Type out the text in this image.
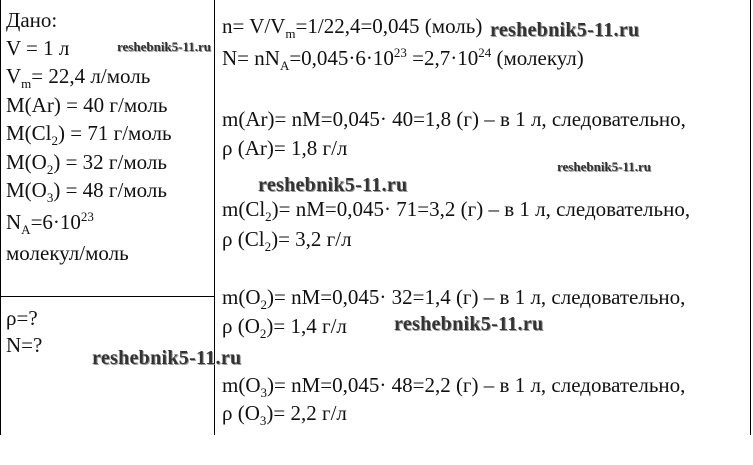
Дано:
V = 1 л
$V_m= 22,4$ л/моль
M(Ar) = 40 г/моль
$M(Cl_2) = 71$ г/моль
$M(O_2) = 32$ г/моль
$M(O_3) = 48$ г/моль
$N_A=6\cdot 10^{23}$
молекул/моль
ρ=?
N=?
$n= V/V_m=1/22,4=0,045$ (моль)
$N= nN_A=0,045\cdot 6\cdot 10^{23} =2,7\cdot 10^{24}$ (молекул)
m(Ar)= nM=0,045· 40=1,8 (г) – в 1 л, следовательно,
ρ (Ar)= 1,8 г/л
$m(Cl_2)= nM=0,045\cdot 71=3,2$ (г) – в 1 л, следовательно,
ρ $(Cl_2)= 3,2$ г/л
$m(O_2)= nM=0,045\cdot 32=1,4$ (г) – в 1 л, следовательно,
ρ $(O_2)= 1,4$ г/л
$m(O_3)= nM=0,045\cdot 48=2,2$ (г) – в 1 л, следовательно,
ρ $(O_3)= 2,2$ г/л
reshebnik5-11.ru
reshebnik5-11.ru
reshebnik5-11.ru
reshebnik5-11.ru
reshebnik5-11.ru
reshebnik5-11.ru
